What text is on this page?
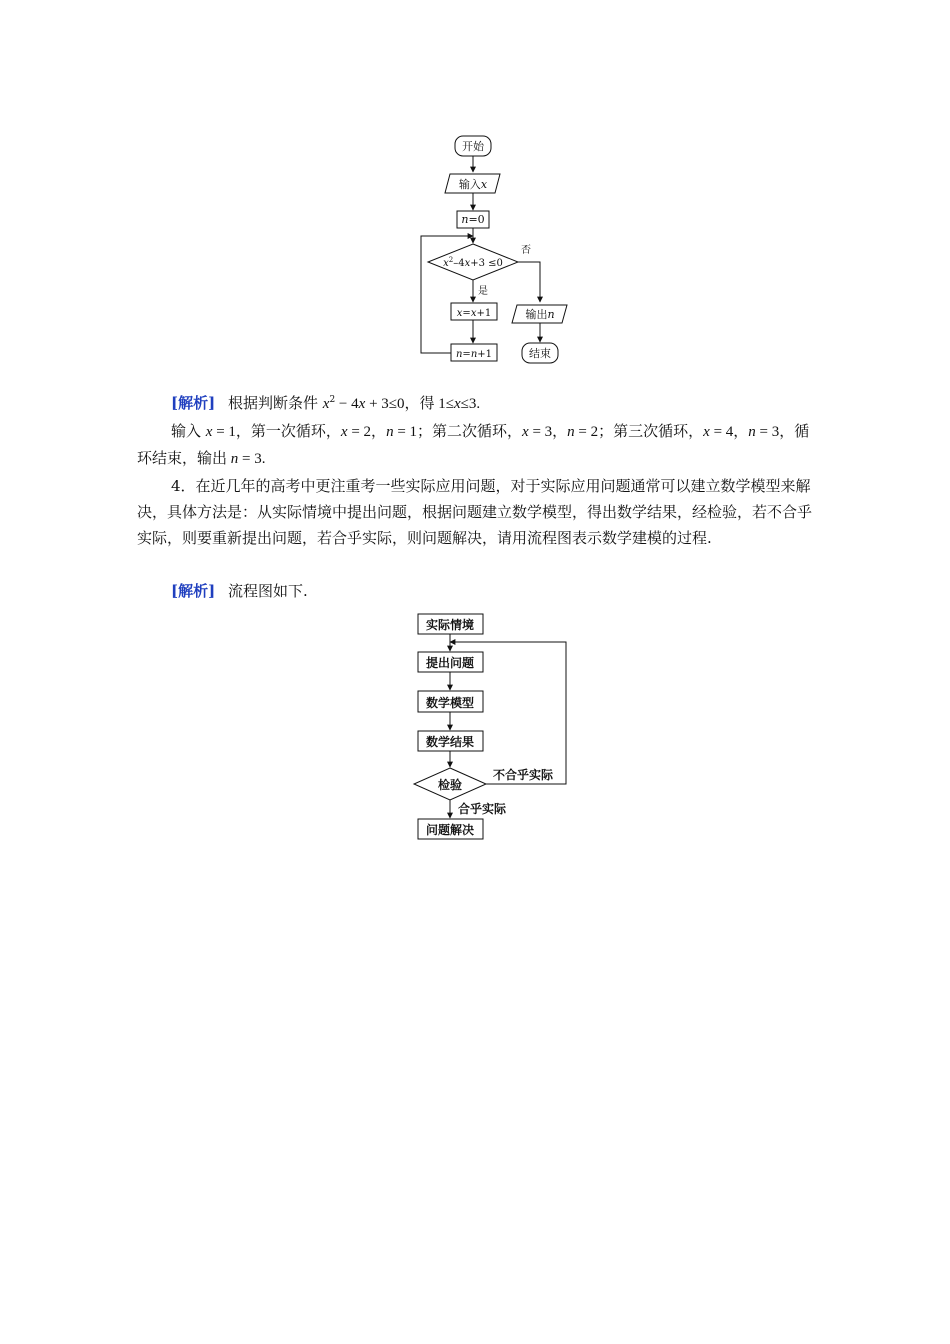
开始
输入x
n=0
$x^2-4x+3 \le 0$
否
是
x=x+1
n=n+1
输出n
结束
[解析] 根据判断条件 $x^2 - 4x + 3\le 0$，得 1≤x≤3.
输入 x = 1，第一次循环，x = 2，n = 1；第二次循环，x = 3，n = 2；第三次循环，x = 4，n = 3，循环结束，输出 n = 3.
4．在近几年的高考中更注重考一些实际应用问题，对于实际应用问题通常可以建立数学模型来解决，具体方法是：从实际情境中提出问题，根据问题建立数学模型，得出数学结果，经检验，若不合乎实际，则要重新提出问题，若合乎实际，则问题解决，请用流程图表示数学建模的过程.
[解析] 流程图如下.
实际情境
提出问题
数学模型
数学结果
检验
问题解决
不合乎实际
合乎实际
